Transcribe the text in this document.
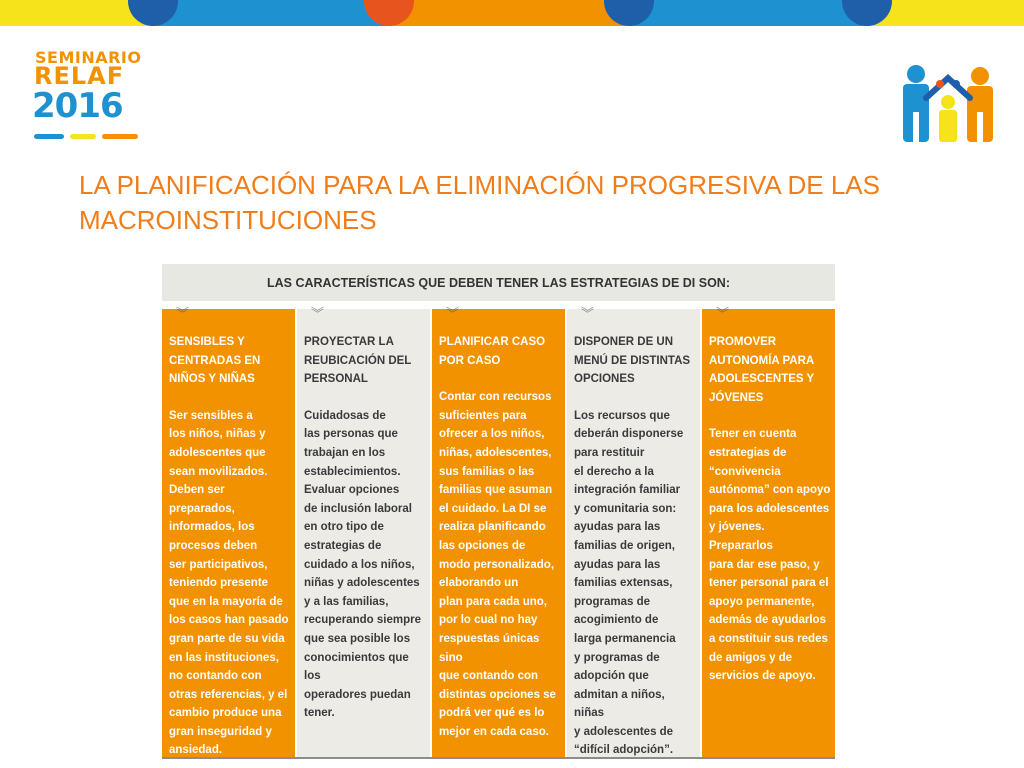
SEMINARIO
RELAF
2016
LA PLANIFICACIÓN PARA LA ELIMINACIÓN PROGRESIVA DE LAS MACROINSTITUCIONES
LAS CARACTERÍSTICAS QUE DEBEN TENER LAS ESTRATEGIAS DE DI SON:
︾
SENSIBLES Y
CENTRADAS EN
NIÑOS Y NIÑAS
Ser sensibles a
los niños, niñas y
adolescentes que
sean movilizados.
Deben ser preparados,
informados, los
procesos deben
ser participativos,
teniendo presente
que en la mayoría de
los casos han pasado
gran parte de su vida
en las instituciones,
no contando con
otras referencias, y el
cambio produce una
gran inseguridad y
ansiedad.
︾
PROYECTAR LA
REUBICACIÓN DEL
PERSONAL
Cuidadosas de
las personas que
trabajan en los
establecimientos.
Evaluar opciones
de inclusión laboral
en otro tipo de
estrategias de
cuidado a los niños,
niñas y adolescentes
y a las familias,
recuperando siempre
que sea posible los
conocimientos que los
operadores puedan
tener.
︾
PLANIFICAR CASO
POR CASO
Contar con recursos
suficientes para
ofrecer a los niños,
niñas, adolescentes,
sus familias o las
familias que asuman
el cuidado. La DI se
realiza planificando
las opciones de
modo personalizado,
elaborando un
plan para cada uno,
por lo cual no hay
respuestas únicas sino
que contando con
distintas opciones se
podrá ver qué es lo
mejor en cada caso.
︾
DISPONER DE UN
MENÚ DE DISTINTAS
OPCIONES
Los recursos que
deberán disponerse
para restituir
el derecho a la
integración familiar
y comunitaria son:
ayudas para las
familias de origen,
ayudas para las
familias extensas,
programas de
acogimiento de
larga permanencia
y programas de
adopción que
admitan a niños, niñas
y adolescentes de
“difícil adopción”.
︾
PROMOVER
AUTONOMÍA PARA
ADOLESCENTES Y
JÓVENES
Tener en cuenta
estrategias de
“convivencia
autónoma” con apoyo
para los adolescentes
y jóvenes. Prepararlos
para dar ese paso, y
tener personal para el
apoyo permanente,
además de ayudarlos
a constituir sus redes
de amigos y de
servicios de apoyo.
